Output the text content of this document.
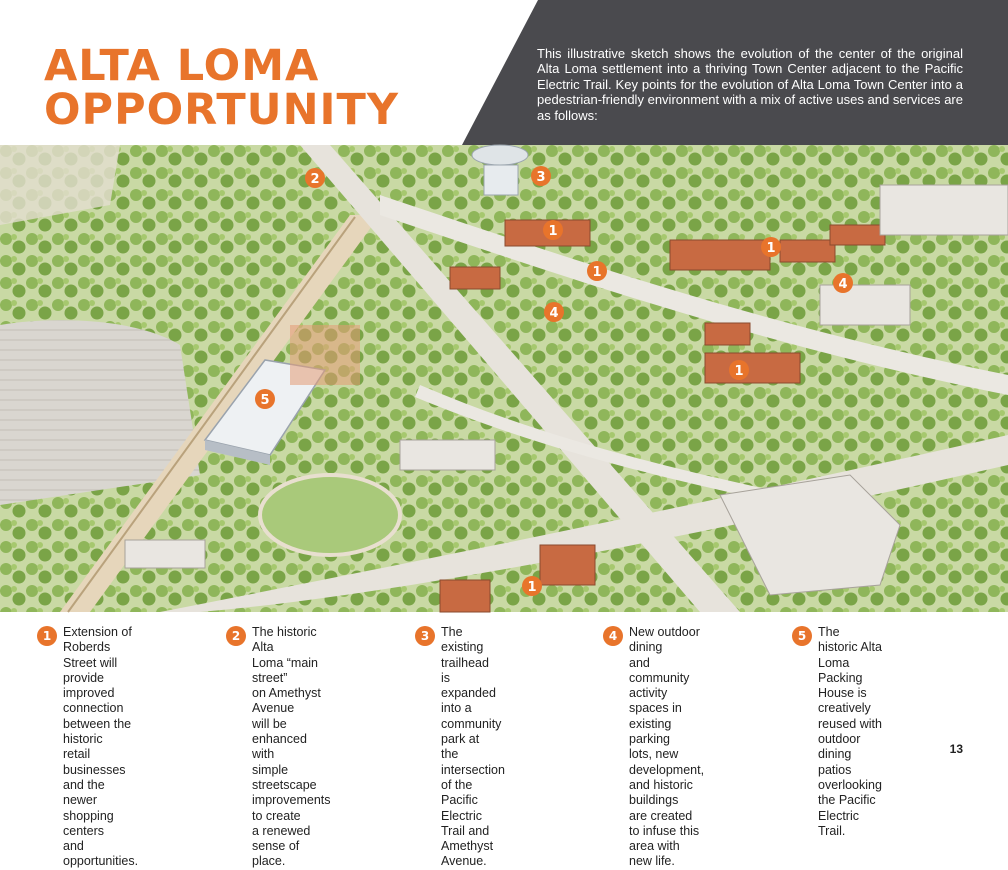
ALTA LOMA
OPPORTUNITY

This illustrative sketch shows the evolution of the center of the original Alta Loma settlement into a thriving Town Center adjacent to the Pacific Electric Trail. Key points for the evolution of Alta Loma Town Center into a pedestrian-friendly environment with a mix of active uses and services are as follows:

2	3
1
1
1
1
4
4
5
1
1 Extension of Roberds
Street will provide
improved connection
between the historic
retail businesses and the
newer shopping centers
and opportunities.
2 The historic Alta
Loma “main street”
on Amethyst Avenue
will be enhanced with
simple streetscape
improvements to create
a renewed sense of place.
3 The existing trailhead
is expanded into a
community park at
the intersection of the
Pacific Electric Trail and
Amethyst Avenue.
4 New outdoor dining
and community activity
spaces in existing parking
lots, new development,
and historic buildings
are created to infuse this
area with new life.
5 The historic Alta Loma
Packing House is
creatively reused with
outdoor dining patios
overlooking the Pacific
Electric Trail.
13
